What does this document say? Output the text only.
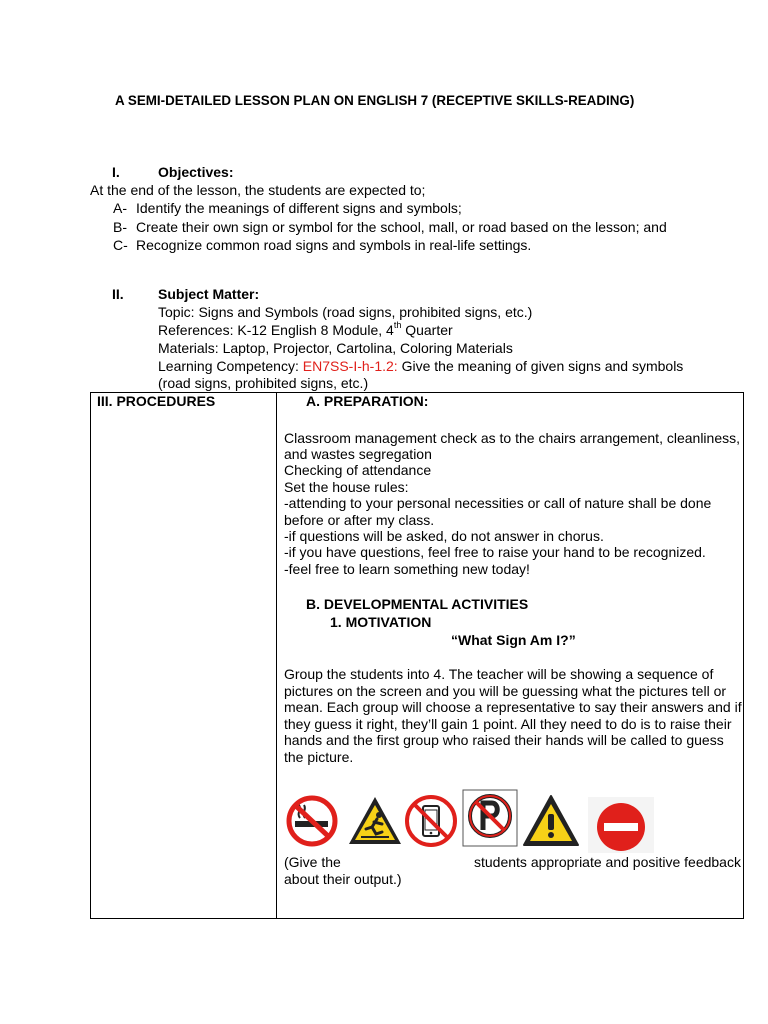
A SEMI-DETAILED LESSON PLAN ON ENGLISH 7 (RECEPTIVE SKILLS-READING)
I.	Objectives:
At the end of the lesson, the students are expected to;
A- Identify the meanings of different signs and symbols;
B- Create their own sign or symbol for the school, mall, or road based on the lesson; and
C- Recognize common road signs and symbols in real-life settings.
II. Subject Matter:
Topic: Signs and Symbols (road signs, prohibited signs, etc.)
References: K-12 English 8 Module, 4th Quarter
Materials: Laptop, Projector, Cartolina, Coloring Materials
Learning Competency: EN7SS-I-h-1.2: Give the meaning of given signs and symbols
(road signs, prohibited signs, etc.)
III. PROCEDURES	A. PREPARATION:
Classroom management check as to the chairs arrangement, cleanliness,
and wastes segregation
Checking of attendance
Set the house rules:
-attending to your personal necessities or call of nature shall be done
before or after my class.
-if questions will be asked, do not answer in chorus.
-if you have questions, feel free to raise your hand to be recognized.
-feel free to learn something new today!
B. DEVELOPMENTAL ACTIVITIES
1. MOTIVATION
“What Sign Am I?”
Group the students into 4. The teacher will be showing a sequence of
pictures on the screen and you will be guessing what the pictures tell or
mean. Each group will choose a representative to say their answers and if
they guess it right, they’ll gain 1 point. All they need to do is to raise their
hands and the first group who raised their hands will be called to guess
the picture.
(Give the	students appropriate and positive feedback
about their output.)
